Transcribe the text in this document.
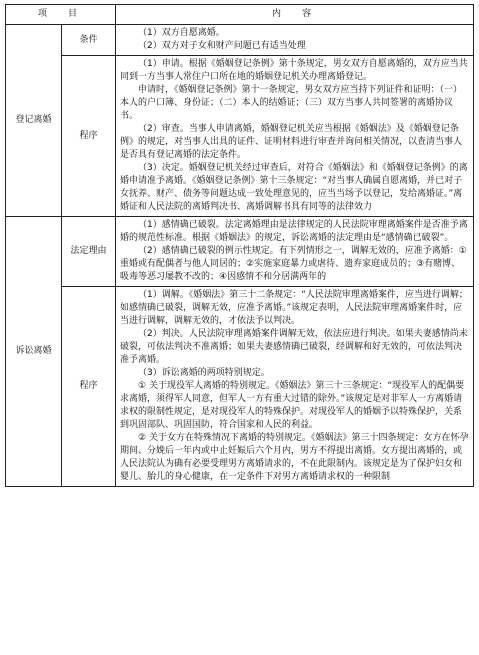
项　目		内　容
登记离婚	条件	（1）双方自愿离婚。

（2）双方对子女和财产问题已有适当处理

	程序	（1）申请。根据《婚姻登记条例》第十条规定，男女双方自愿离婚的，双方应当共同到一方当事人常住户口所在地的婚姻登记机关办理离婚登记。

申请时，《婚姻登记条例》第十一条规定，男女双方应当持下列证件和证明：（一）本人的户口簿、身份证；（二）本人的结婚证；（三）双方当事人共同签署的离婚协议书。

（2）审查。当事人申请离婚，婚姻登记机关应当根据《婚姻法》及《婚姻登记条例》的规定，对当事人出具的证件、证明材料进行审查并询问相关情况，以查清当事人是否具有登记离婚的法定条件。

（3）决定。婚姻登记机关经过审查后，对符合《婚姻法》和《婚姻登记条例》的离婚申请准予离婚。《婚姻登记条例》第十三条规定：“对当事人确属自愿离婚，并已对子女抚养、财产、债务等问题达成一致处理意见的，应当当场予以登记，发给离婚证。”离婚证和人民法院的离婚判决书、离婚调解书具有同等的法律效力

诉讼离婚	法定理由	（1）感情确已破裂。法定离婚理由是法律规定的人民法院审理离婚案件是否准予离婚的规范性标准。根据《婚姻法》的规定，诉讼离婚的法定理由是“感情确已破裂”。

（2）感情确已破裂的例示性规定。有下列情形之一，调解无效的，应准予离婚：①重婚或有配偶者与他人同居的；②实施家庭暴力或虐待、遗弃家庭成员的；③有赌博、吸毒等恶习屡教不改的；④因感情不和分居满两年的

	程序	（1）调解。《婚姻法》第三十二条规定：“人民法院审理离婚案件，应当进行调解；如感情确已破裂，调解无效，应准予离婚。”该规定表明，人民法院审理离婚案件时，应当进行调解，调解无效的，才依法予以判决。

（2）判决。人民法院审理离婚案件调解无效，依法应进行判决。如果夫妻感情尚未破裂，可依法判决不准离婚；如果夫妻感情确已破裂，经调解和好无效的，可依法判决准予离婚。

（3）诉讼离婚的两项特别规定。

① 关于现役军人离婚的特别规定。《婚姻法》第三十三条规定：“现役军人的配偶要求离婚，须得军人同意，但军人一方有重大过错的除外。”该规定是对非军人一方离婚请求权的限制性规定，是对现役军人的特殊保护。对现役军人的婚姻予以特殊保护，关系到巩固部队、巩固国防，符合国家和人民的利益。

② 关于女方在特殊情况下离婚的特别规定。《婚姻法》第三十四条规定：女方在怀孕期间、分娩后一年内或中止妊娠后六个月内，男方不得提出离婚。女方提出离婚的，或人民法院认为确有必要受理男方离婚请求的，不在此限制内。该规定是为了保护妇女和婴儿、胎儿的身心健康，在一定条件下对男方离婚请求权的一种限制
